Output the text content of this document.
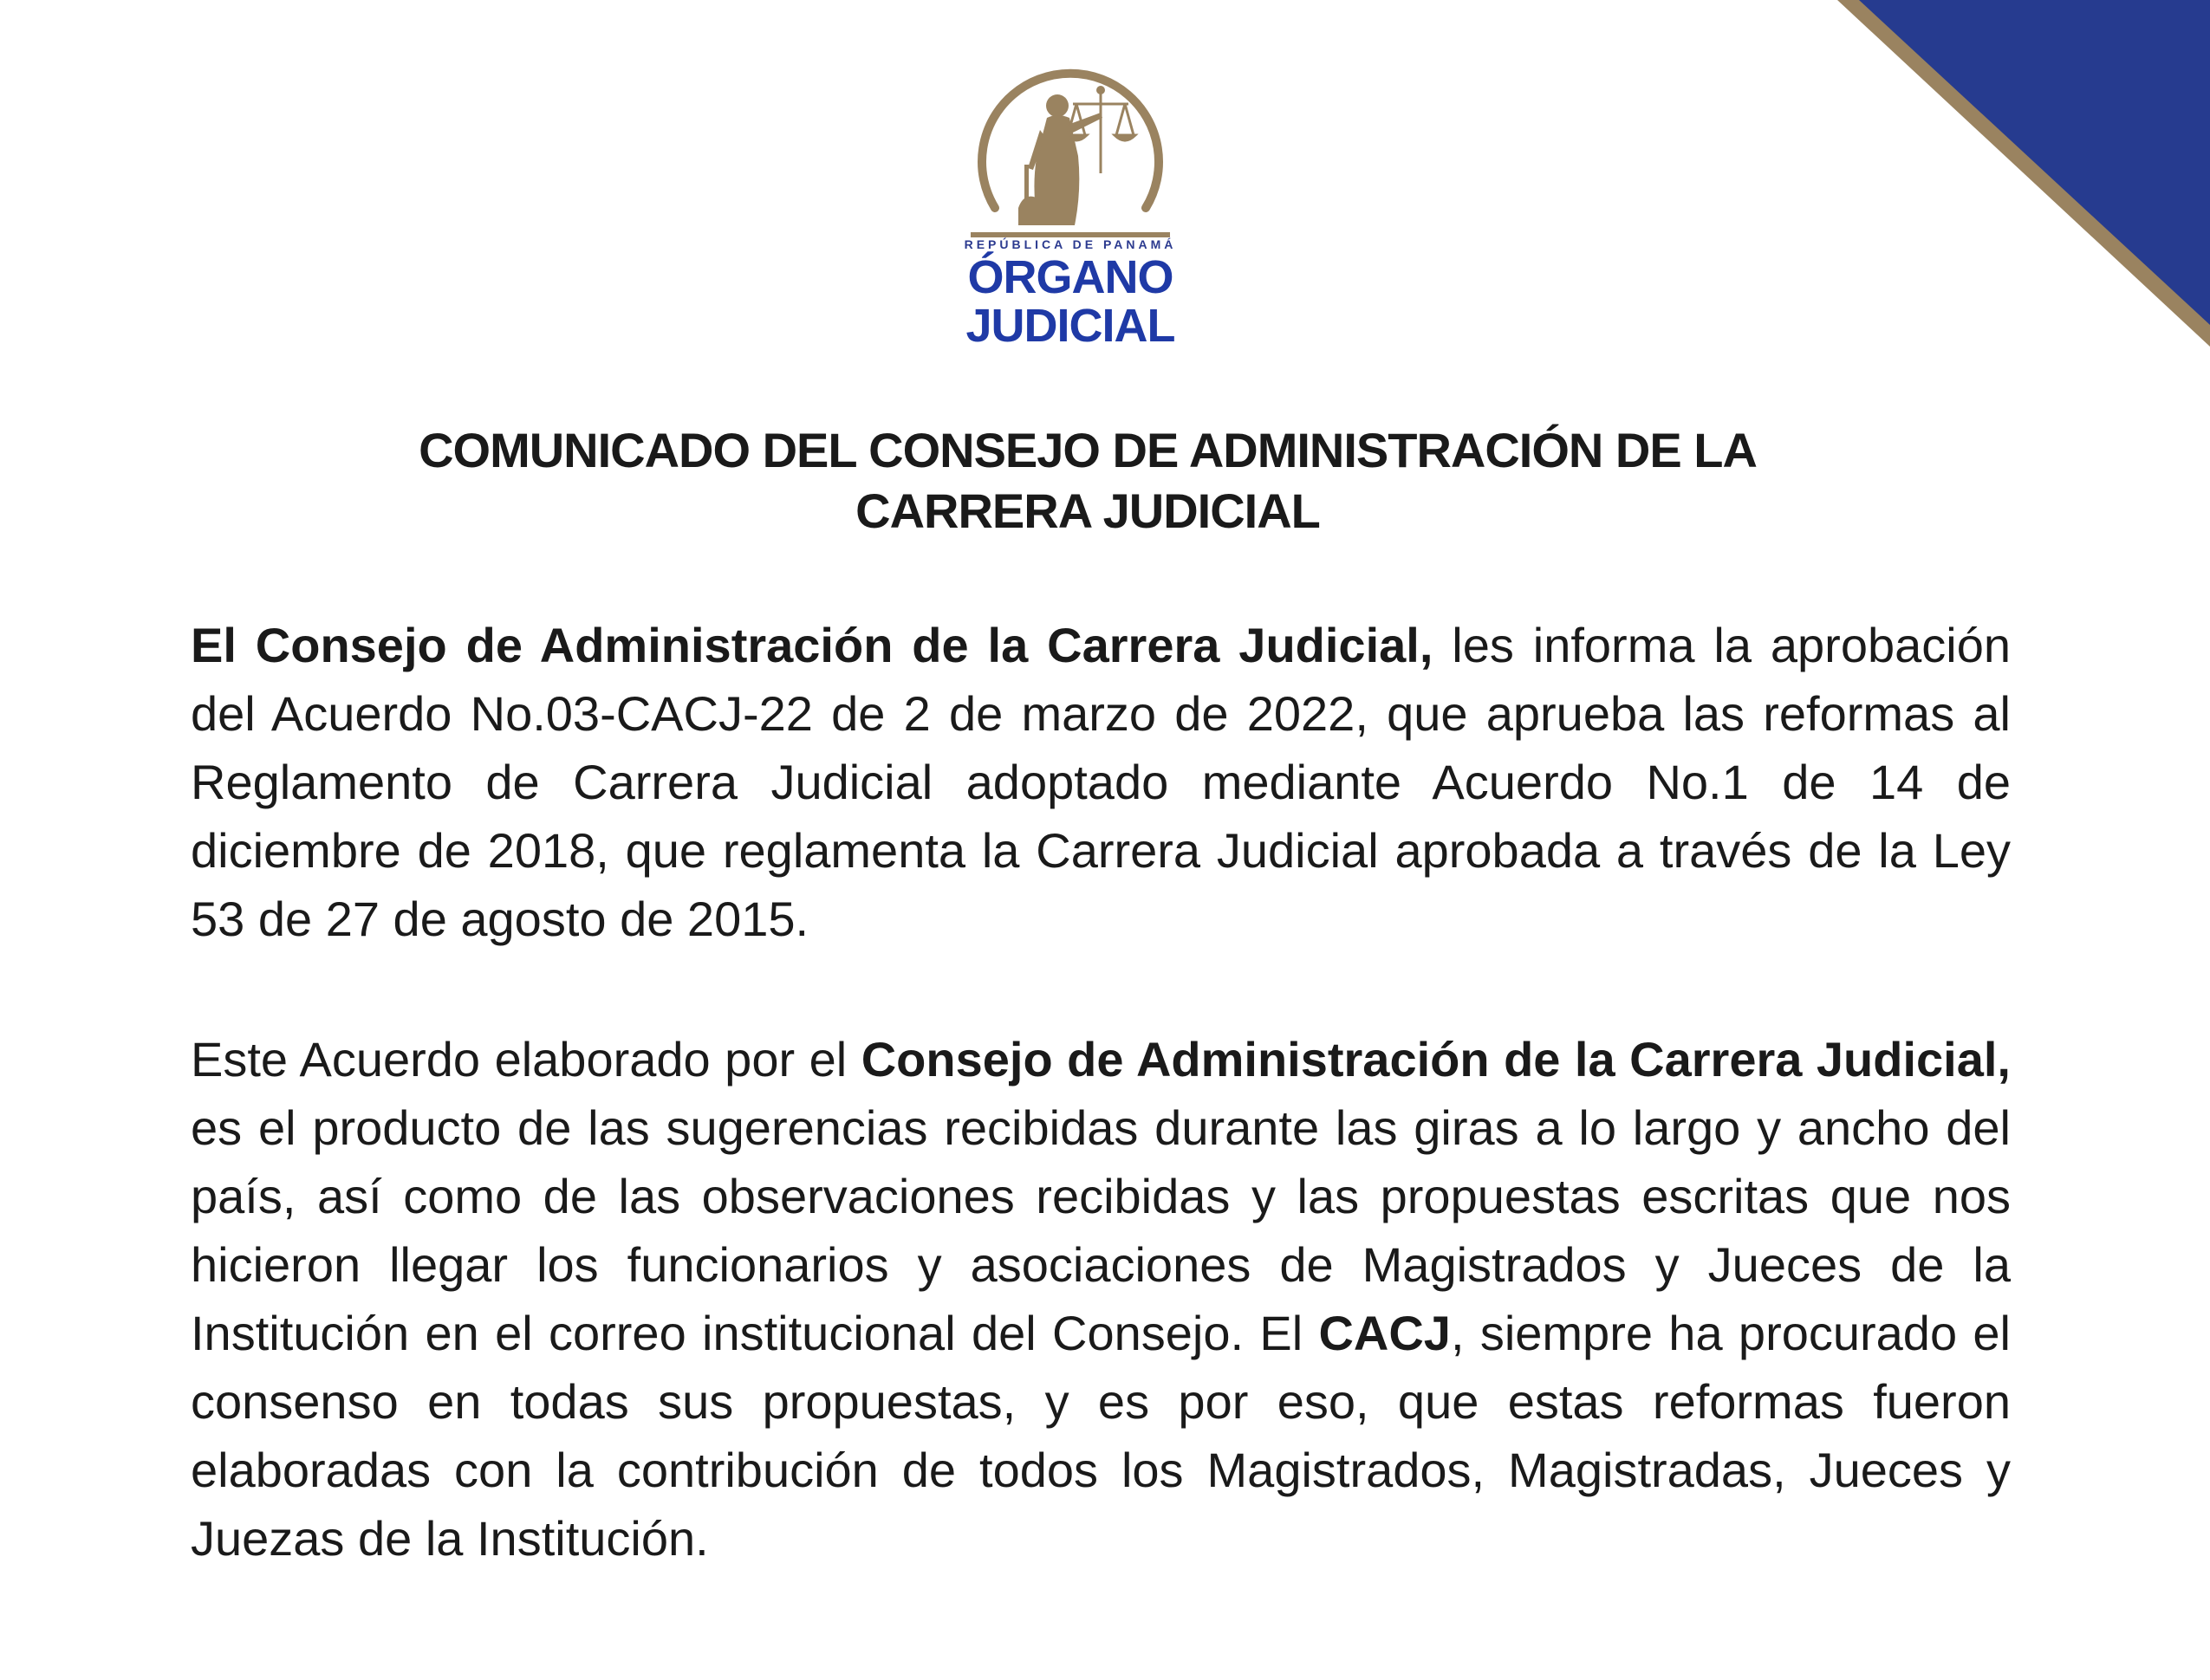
REPÚBLICA DE PANAMÁ
ÓRGANO
JUDICIAL
COMUNICADO DEL CONSEJO DE ADMINISTRACIÓN DE LA
CARRERA JUDICIAL

El Consejo de Administración de la Carrera Judicial, les informa la aprobación del Acuerdo No.03-CACJ-22 de 2 de marzo de 2022, que aprueba las reformas al Reglamento de Carrera Judicial adoptado mediante Acuerdo No.1 de 14 de diciembre de 2018, que reglamenta la Carrera Judicial aprobada a través de la Ley 53 de 27 de agosto de 2015.

Este Acuerdo elaborado por el Consejo de Administración de la Carrera Judicial, es el producto de las sugerencias recibidas durante las giras a lo largo y ancho del país, así como de las observaciones recibidas y las propuestas escritas que nos hicieron llegar los funcionarios y asociaciones de Magistrados y Jueces de la Institución en el correo institucional del Consejo. El CACJ, siempre ha procurado el consenso en todas sus propuestas, y es por eso, que estas reformas fueron elaboradas con la contribución de todos los Magistrados, Magistradas, Jueces y Juezas de la Institución.
